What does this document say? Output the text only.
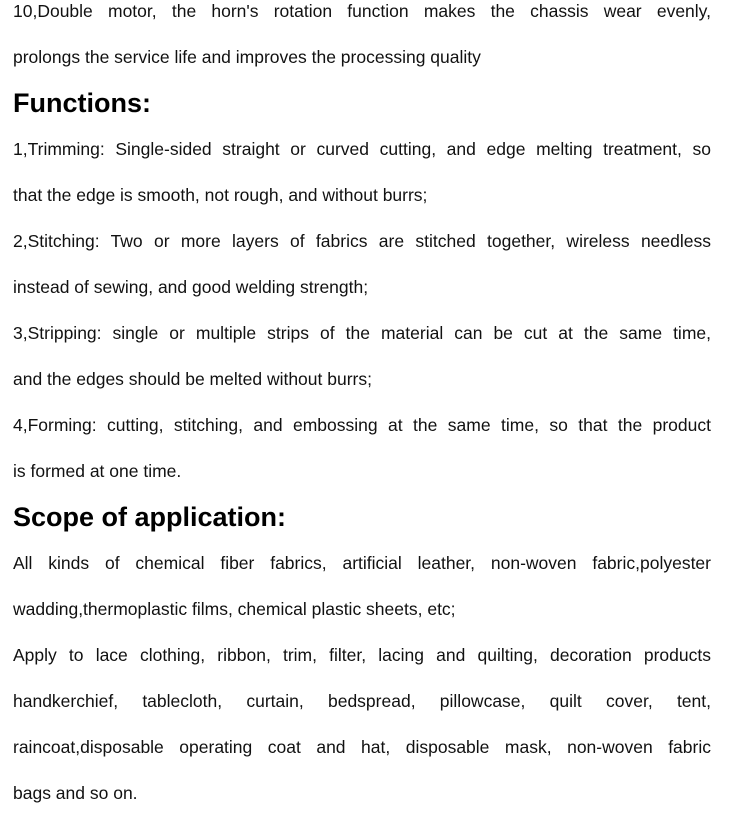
10,Double motor, the horn's rotation function makes the chassis wear evenly,
prolongs the service life and improves the processing quality
Functions:
1,Trimming: Single-sided straight or curved cutting, and edge melting treatment, so
that the edge is smooth, not rough, and without burrs;
2,Stitching: Two or more layers of fabrics are stitched together, wireless needless
instead of sewing, and good welding strength;
3,Stripping: single or multiple strips of the material can be cut at the same time,
and the edges should be melted without burrs;
4,Forming: cutting, stitching, and embossing at the same time, so that the product
is formed at one time.
Scope of application:
All kinds of chemical fiber fabrics, artificial leather, non-woven fabric,polyester
wadding,thermoplastic films, chemical plastic sheets, etc;
Apply to lace clothing, ribbon, trim, filter, lacing and quilting, decoration products
handkerchief, tablecloth, curtain, bedspread, pillowcase, quilt cover, tent,
raincoat,disposable operating coat and hat, disposable mask, non-woven fabric
bags and so on.
